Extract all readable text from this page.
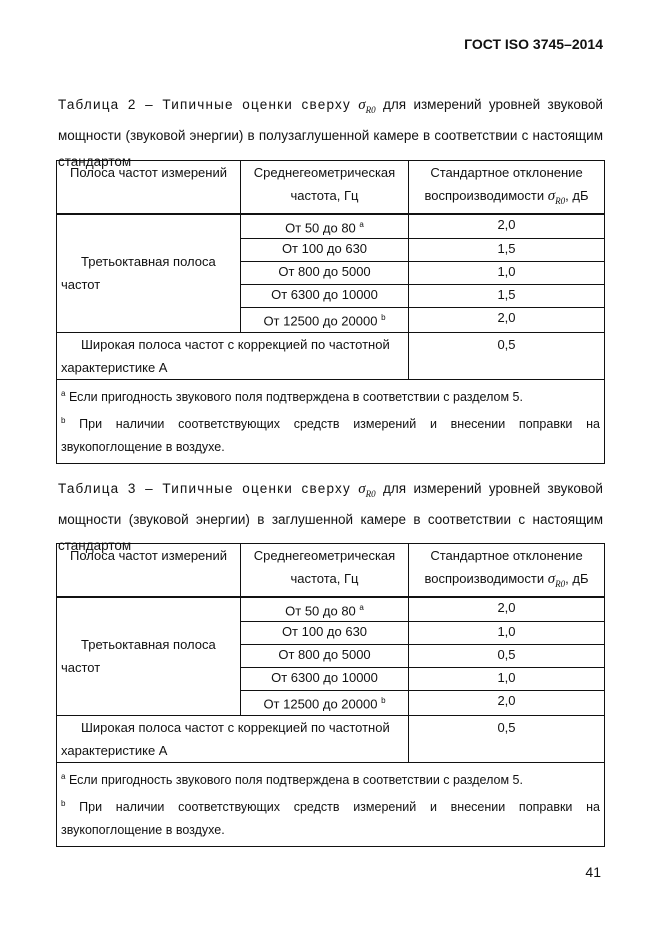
ГОСТ ISO 3745–2014

Таблица 2 – Типичные оценки сверху $\sigma_{R0}$ для измерений уровней звуковой мощности (звуковой энергии) в полузаглушенной камере в соответствии с настоящим стандартом

Полоса частот измерений	Среднегеометрическая частота, Гц	Стандартное отклонение воспроизводимости $\sigma_{R0}$, дБ
Третьоктавная полоса частот	От 50 до 80 $^a$	2,0
	От 100 до 630	1,5
	От 800 до 5000	1,0
	От 6300 до 10000	1,5
	От 12500 до 20000 $^b$	2,0
Широкая полоса частот с коррекцией по частотной характеристике А		0,5

$^a$ Если пригодность звукового поля подтверждена в соответствии с разделом 5.
$^b$ При наличии соответствующих средств измерений и внесении поправки на звукопоглощение в воздухе.		

Таблица 3 – Типичные оценки сверху $\sigma_{R0}$ для измерений уровней звуковой мощности (звуковой энергии) в заглушенной камере в соответствии с настоящим стандартом

Полоса частот измерений	Среднегеометрическая частота, Гц	Стандартное отклонение воспроизводимости $\sigma_{R0}$, дБ
Третьоктавная полоса частот	От 50 до 80 $^a$	2,0
	От 100 до 630	1,0
	От 800 до 5000	0,5
	От 6300 до 10000	1,0
	От 12500 до 20000 $^b$	2,0
Широкая полоса частот с коррекцией по частотной характеристике А		0,5

$^a$ Если пригодность звукового поля подтверждена в соответствии с разделом 5.
$^b$ При наличии соответствующих средств измерений и внесении поправки на звукопоглощение в воздухе.		
41
